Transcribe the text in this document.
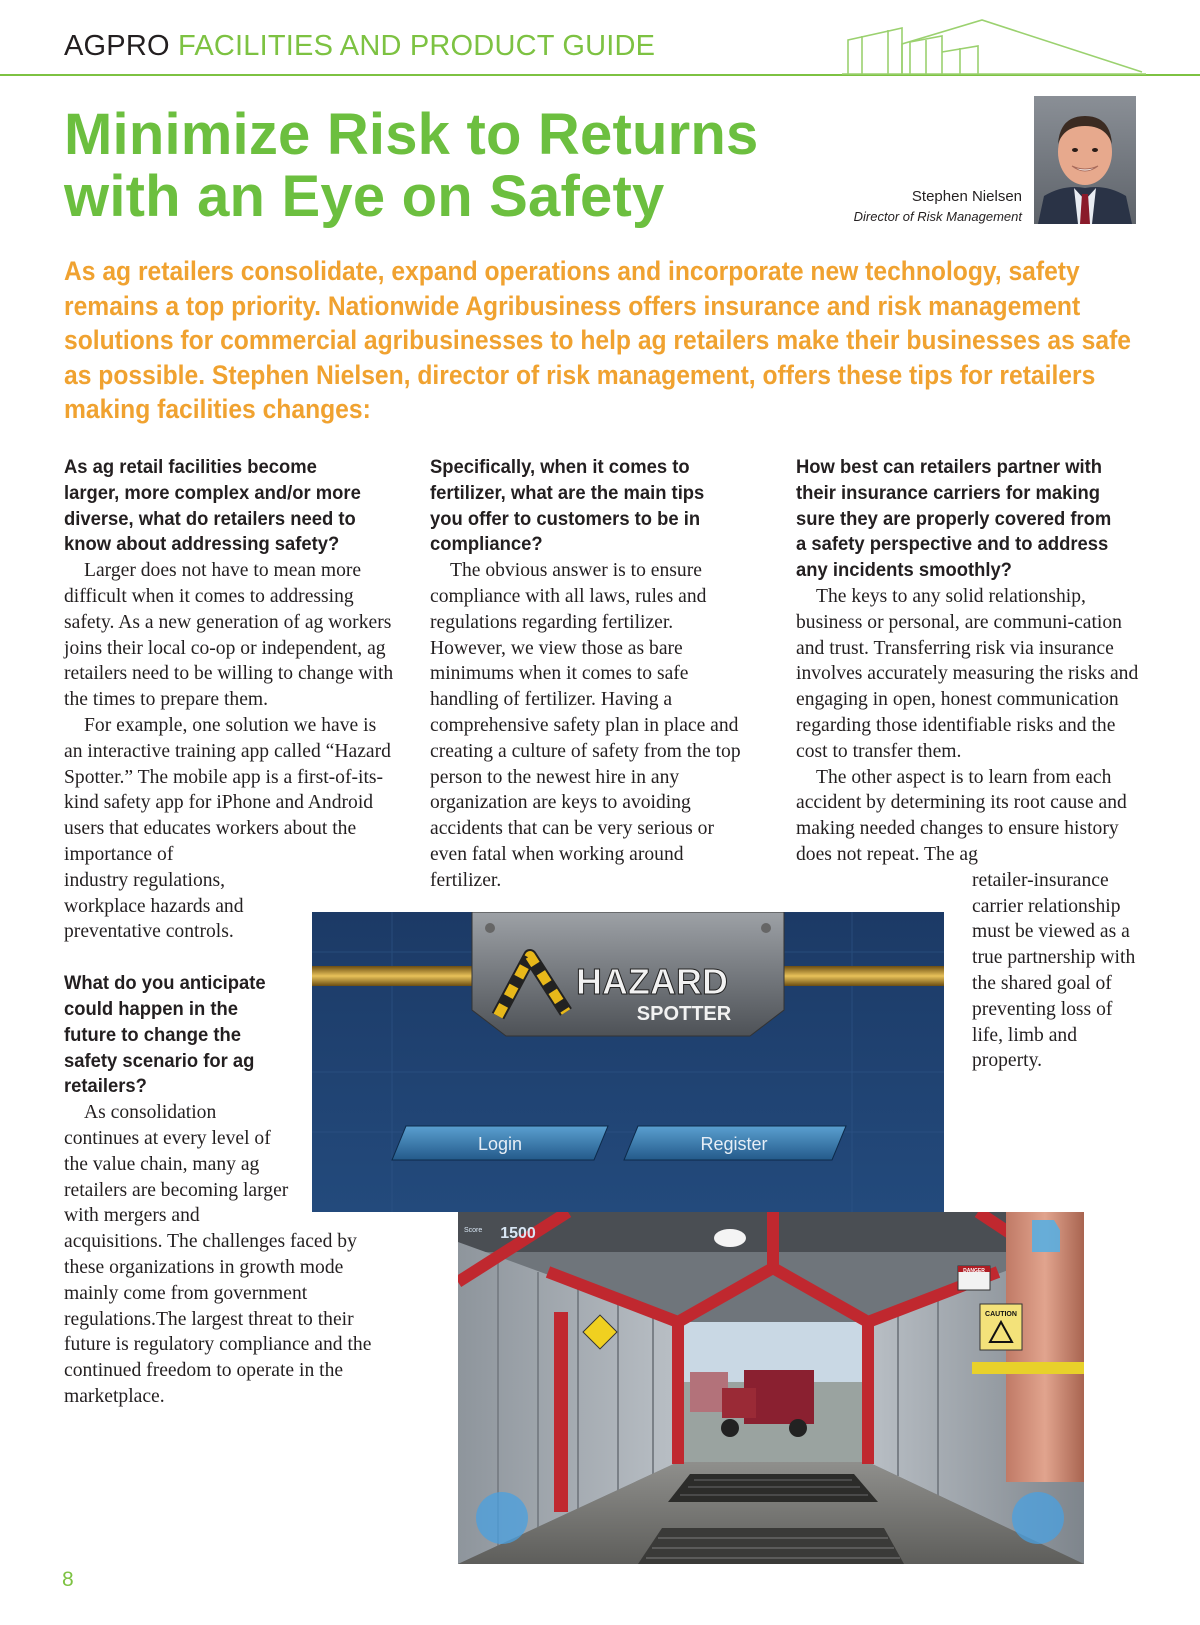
AGPRO FACILITIES AND PRODUCT GUIDE
Minimize Risk to Returns
with an Eye on Safety	Stephen Nielsen
Director of Risk Management

As ag retailers consolidate, expand operations and incorporate new technology, safety remains a top priority. Nationwide Agribusiness offers insurance and risk management solutions for commercial agribusinesses to help ag retailers make their businesses as safe as possible. Stephen Nielsen, director of risk management, offers these tips for retailers making facilities changes:

As ag retail facilities become larger, more complex and/or more diverse, what do retailers need to know about addressing safety?

Larger does not have to mean more difficult when it comes to addressing safety. As a new generation of ag workers joins their local co-op or independent, ag retailers need to be willing to change with the times to prepare them.

For example, one solution we have is an interactive training app called “Hazard Spotter.” The mobile app is a first-of-its-kind safety app for iPhone and Android users that educates workers about the importance of

industry regulations, workplace hazards and preventative controls.

What do you anticipate could happen in the future to change the safety scenario for ag retailers?

As consolidation continues at every level of the value chain, many ag retailers are becoming larger with mergers and

acquisitions. The challenges faced by these organizations in growth mode mainly come from government regulations.The largest threat to their future is regulatory compliance and the continued freedom to operate in the marketplace.

Specifically, when it comes to fertilizer, what are the main tips you offer to customers to be in compliance?

The obvious answer is to ensure compliance with all laws, rules and regulations regarding fertilizer. However, we view those as bare minimums when it comes to safe handling of fertilizer. Having a comprehensive safety plan in place and creating a culture of safety from the top person to the newest hire in any organization are keys to avoiding accidents that can be very serious or even fatal when working around fertilizer.

How best can retailers partner with their insurance carriers for making sure they are properly covered from a safety perspective and to address any incidents smoothly?

The keys to any solid relationship, business or personal, are communi-cation and trust. Transferring risk via insurance involves accurately measuring the risks and engaging in open, honest communication regarding those identifiable risks and the cost to transfer them.

The other aspect is to learn from each accident by determining its root cause and making needed changes to ensure history does not repeat. The ag

retailer-insurance carrier relationship must be viewed as a true partnership with the shared goal of preventing loss of life, limb and property.

HAZARD
SPOTTER
Login	Register
CAUTION
DANGER
Score 1500
8
